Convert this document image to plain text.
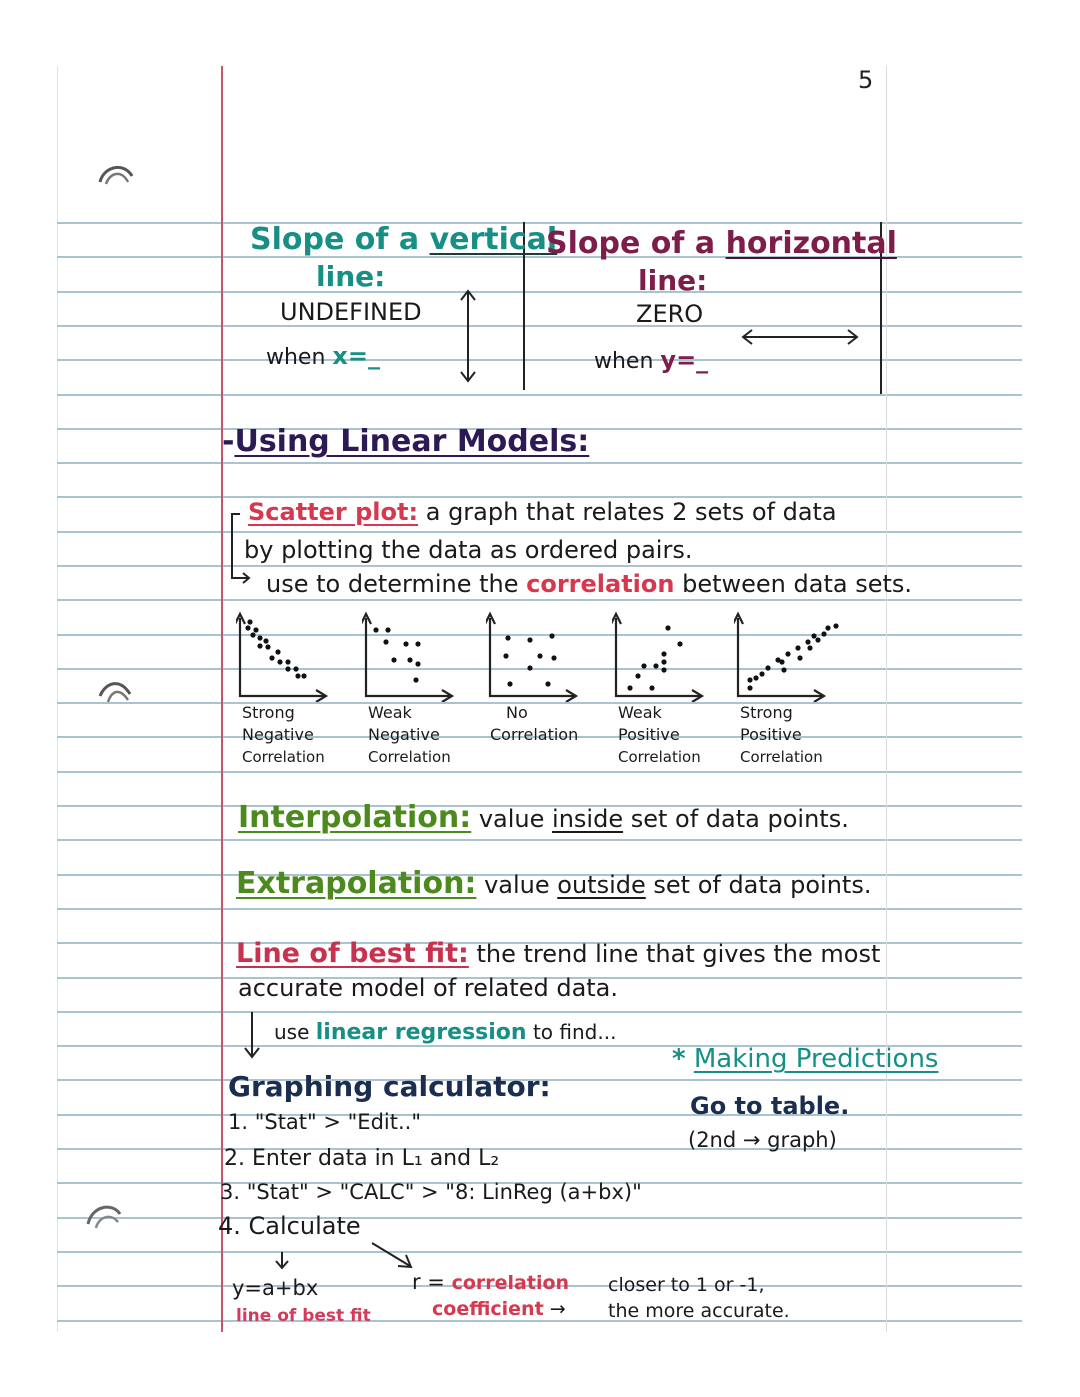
5
Slope of a vertical
line:
UNDEFINED
when x=_
Slope of a horizontal
line:
ZERO
when y=_
-Using Linear Models:
Scatter plot: a graph that relates 2 sets of data
by plotting the data as ordered pairs.
use to determine the correlation between data sets.
Strong
Negative
Correlation
Weak
Negative
Correlation
No
Correlation
Weak
Positive
Correlation
Strong
Positive
Correlation
Interpolation: value inside set of data points.
Extrapolation: value outside set of data points.
Line of best fit: the trend line that gives the most
accurate model of related data.
use linear regression to find...
* Making Predictions
Go to table.
(2nd → graph)
Graphing calculator:
1. "Stat" > "Edit.."
2. Enter data in L₁ and L₂
3. "Stat" > "CALC" > "8: LinReg (a+bx)"
4. Calculate
y=a+bx
line of best fit
r = correlation
coefficient →
closer to 1 or -1,
the more accurate.
